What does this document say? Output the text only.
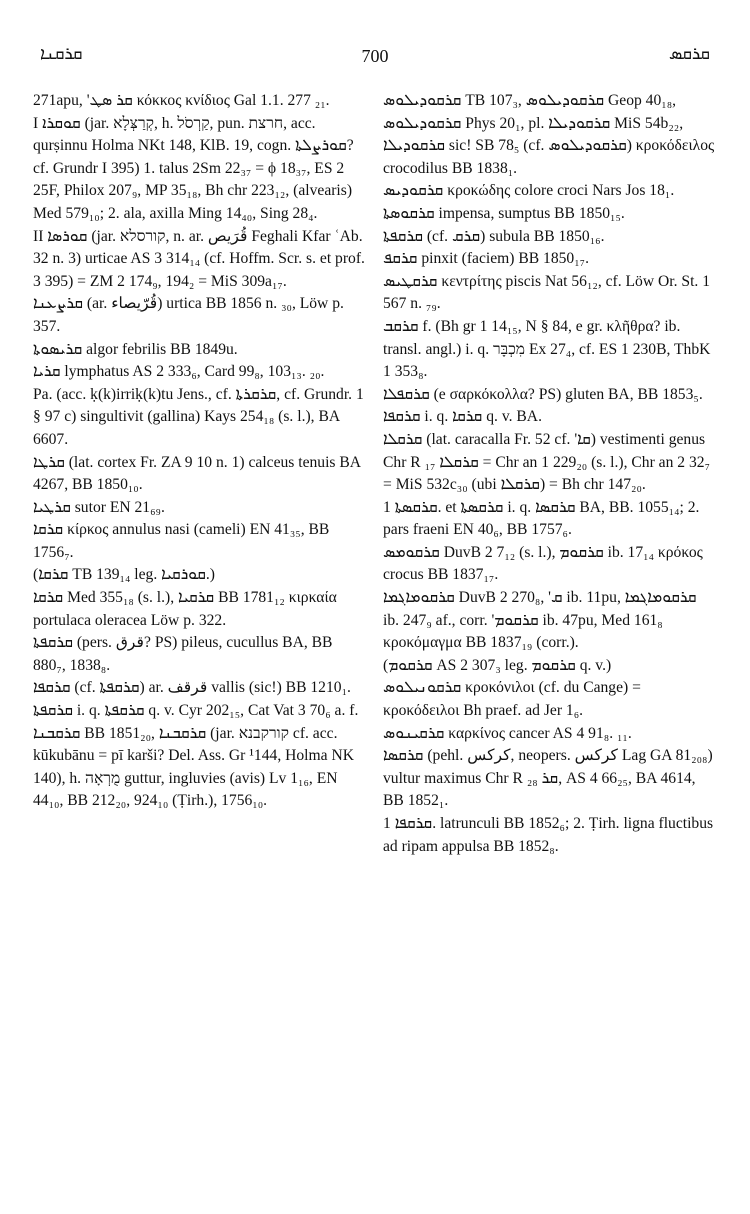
ܩܪܩܢܐ	700	ܩܪܩܣ

271apu, 'ܩܪ ܣܛ κόκκος κνίδιος Gal 1.1. 277 ₂₁.

I ܩܘܩܪܐ (jar. קְרַצְּלָא, h. קַרְסֹל, pun. חרצת, acc. qurṣinnu Holma NKt 148, KlB. 19, cogn. ܩܘܪܨܠܬܐ? cf. Grundr I 395) 1. talus 2Sm 22₃₇ = ϕ 18₃₇, ES 2 25F, Philox 207₉, MP 35₁₈, Bh chr 223₁₂, (alvearis) Med 579₁₀; 2. ala, axilla Ming 14₄₀, Sing 28₄.

II ܩܘܪܣܐ (jar. קורסלא, n. ar. قُرَيص Feghali Kfar ʿAb. 32 n. 3) urticae AS 3 314₁₄ (cf. Hoffm. Scr. s. et prof. 3 395) = ZM 2 174₉, 194₂ = MiS 309a₁₇.

ܩܪܨܥܢܐ (ar. قُرّيصاء) urtica BB 1856 n. ₃₀, Löw p. 357.

ܩܪܝܣܘܬܐ algor febrilis BB 1849u.

ܩܪܝܐ lymphatus AS 2 333₆, Card 99₈, 103₁₃. ₂₀.

Pa. (acc. ḳ(k)irriḳ(k)tu Jens., cf. ܩܪܩܪܬܐ, cf. Grundr. 1 § 97 c) singultivit (gallina) Kays 254₁₈ (s. l.), BA 6607.

ܩܪܛܐ (lat. cortex Fr. ZA 9 10 n. 1) calceus tenuis BA 4267, BB 1850₁₀.

ܩܪܛܝܐ sutor EN 21₆₉.

ܩܪܩܐ κίρκος annulus nasi (cameli) EN 41₃₅, BB 1756₇.

(ܩܪܩܐ TB 139₁₄ leg. ܩܘܪܩܝܐ.)

ܩܪܩܐ Med 355₁₈ (s. l.), ܩܪܩܝܐ BB 1781₁₂ κιρκαία portulaca oleracea Löw p. 322.

ܩܪܩܦܬܐ (pers. قرق? PS) pileus, cucullus BA, BB 880₇, 1838₈.

ܩܪܩܦܐ (cf. ܩܪܩܦܬܐ) ar. قرقف vallis (sic!) BB 1210₁.

ܩܪܩܦܬܐ i. q. ܩܪܩܦܬܐ q. v. Cyr 202₁₅, Cat Vat 3 70₆ a. f.

ܩܪܩܒܢܐ BB 1851₂₀, ܩܪܩܒܢܐ (jar. קורקבנא cf. acc. kūkubānu = pī karši? Del. Ass. Gr ¹144, Holma NK 140), h. מֻרְאָה guttur, ingluvies (avis) Lv 1₁₆, EN 44₁₀, BB 212₂₀, 924₁₀ (Ṭirh.), 1756₁₀.

ܩܪܩܘܕܝܠܘܣ TB 107₃, ܩܪܩܘܕܝܠܘܣ Geop 40₁₈, ܩܪܩܘܕܝܠܘܣ Phys 20₁, pl. ܩܪܩܘܕܝܠܐ MiS 54b₂₂, ܩܪܩܘܕܝܠܐ sic! SB 78₅ (cf. ܩܪܩܘܕܝܠܘܣ) κροκόδειλος crocodilus BB 1838₁.

ܩܪܩܘܕܝܣ κροκώδης colore croci Nars Jos 18₁.

ܩܪܩܘܣܬܐ impensa, sumptus BB 1850₁₅.

ܩܪܩܦܬܐ (cf. ܩܪܩ) subula BB 1850₁₆.

ܩܪܩܦ pinxit (faciem) BB 1850₁₇.

ܩܪܩܛܝܣ κεντρίτης piscis Nat 56₁₂, cf. Löw Or. St. 1 567 n. ₇₉.

ܩܪܩܒ f. (Bh gr 1 14₁₅, N § 84, e gr. κλῆθρα? ib. transl. angl.) i. q. מִכְבָּר Ex 27₄, cf. ES 1 230B, ThbK 1 353₈.

ܩܪܩܦܠܐ (e σαρκόκολλα? PS) gluten BA, BB 1853₅.

ܩܪܩܦܐ i. q. ܩܪܩܐ q. v. BA.

ܩܪܩܠܐ (lat. caracalla Fr. 52 cf. 'ܩܐ) vestimenti genus Chr R ܩܪܩܠܐ ₁₇ = Chr an 1 229₂₀ (s. l.), Chr an 2 32₇ = MiS 532c₃₀ (ubi ܩܪܩܠܐ) = Bh chr 147₂₀.

ܩܪܩܣܬܐ 1. et ܩܪܩܣܬܐ i. q. ܩܪܩܣܐ BA, BB. 1055₁₄; 2. pars fraeni EN 40₆, BB 1757₆.

ܩܪܩܘܡܣ DuvB 2 7₁₂ (s. l.), ܩܪܩܘܡ ib. 17₁₄ κρόκος crocus BB 1837₁₇.

ܩܪܩܘܡܐܓܡܐ DuvB 2 270₈, 'ܩ ib. 11pu, ܩܪܩܘܡܐܓܡܐ ib. 247₉ af., corr. 'ܩܪܩܘܡ ib. 47pu, Med 161₈ κροκόμαγμα BB 1837₁₉ (corr.).

(ܩܪܩܘܡ AS 2 307₃ leg. ܩܪܩܘܡ q. v.)

ܩܪܩܘܢܝܠܘܣ κροκόνιλοι (cf. du Cange) = κροκόδειλοι Bh praef. ad Jer 1₆.

ܩܪܩܝܢܘܣ καρκίνος cancer AS 4 91₈. ₁₁.

ܩܪܩܣܐ (pehl. کرکس, neopers. کرکس Lag GA 81₂₀₈) vultur maximus Chr R ܩܪ ₂₈, AS 4 66₂₅, BA 4614, BB 1852₁.

ܩܪܩܦܐ 1. latrunculi BB 1852₆; 2. Ṭirh. ligna fluctibus ad ripam appulsa BB 1852₈.
